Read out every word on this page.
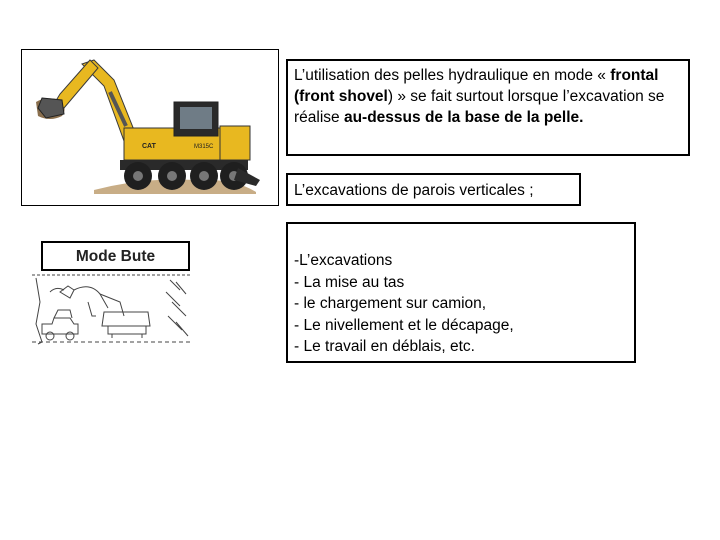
CAT	M315C
L’utilisation des pelles hydraulique en mode « frontal (front shovel) » se fait surtout lorsque l’excavation se réalise au-dessus de la base de la pelle.
L’excavations de parois verticales ;
Mode Bute	-L’excavations
- La mise au tas
- le chargement sur camion,
- Le nivellement et le décapage,
- Le travail en déblais, etc.
